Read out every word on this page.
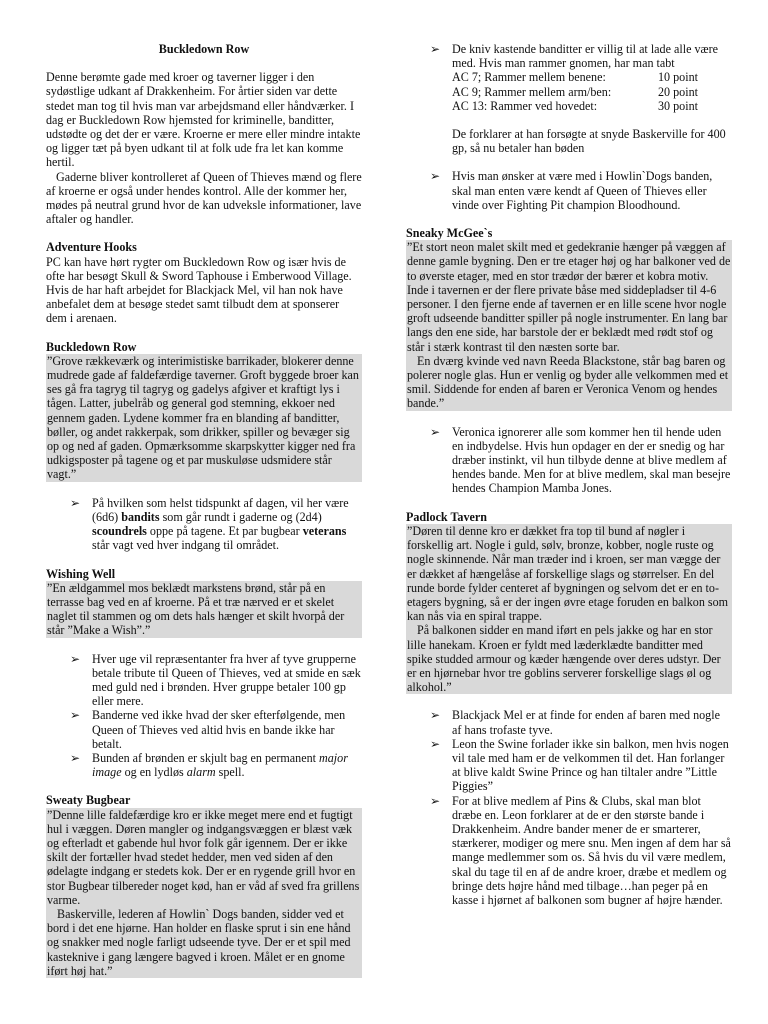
Buckledown Row

Denne berømte gade med kroer og taverner ligger i den sydøstlige udkant af Drakkenheim. For årtier siden var dette stedet man tog til hvis man var arbejdsmand eller håndværker. I dag er Buckledown Row hjemsted for kriminelle, banditter, udstødte og det der er være. Kroerne er mere eller mindre intakte og ligger tæt på byen udkant til at folk ude fra let kan komme hertil.

Gaderne bliver kontrolleret af Queen of Thieves mænd og flere af kroerne er også under hendes kontrol. Alle der kommer her, mødes på neutral grund hvor de kan udveksle informationer, lave aftaler og handler.

Adventure Hooks

PC kan have hørt rygter om Buckledown Row og især hvis de ofte har besøgt Skull & Sword Taphouse i Emberwood Village. Hvis de har haft arbejdet for Blackjack Mel, vil han nok have anbefalet dem at besøge stedet samt tilbudt dem at sponserer dem i arenaen.

Buckledown Row

”Grove rækkeværk og interimistiske barrikader, blokerer denne mudrede gade af faldefærdige taverner. Groft byggede broer kan ses gå fra tagryg til tagryg og gadelys afgiver et kraftigt lys i tågen. Latter, jubelråb og general god stemning, ekkoer ned gennem gaden. Lydene kommer fra en blanding af banditter, bøller, og andet rakkerpak, som drikker, spiller og bevæger sig op og ned af gaden. Opmærksomme skarpskytter kigger ned fra udkigsposter på tagene og et par muskuløse udsmidere står vagt.”

➢ På hvilken som helst tidspunkt af dagen, vil her være (6d6) bandits som går rundt i gaderne og (2d4) scoundrels oppe på tagene. Et par bugbear veterans står vagt ved hver indgang til området.

Wishing Well

”En ældgammel mos beklædt markstens brønd, står på en terrasse bag ved en af kroerne. På et træ nærved er et skelet naglet til stammen og om dets hals hænger et skilt hvorpå der står ”Make a Wish”.”

➢ Hver uge vil repræsentanter fra hver af tyve grupperne betale tribute til Queen of Thieves, ved at smide en sæk med guld ned i brønden. Hver gruppe betaler 100 gp eller mere.
➢ Banderne ved ikke hvad der sker efterfølgende, men Queen of Thieves ved altid hvis en bande ikke har betalt.
➢ Bunden af brønden er skjult bag en permanent major image og en lydløs alarm spell.

Sweaty Bugbear

”Denne lille faldefærdige kro er ikke meget mere end et fugtigt hul i væggen. Døren mangler og indgangsvæggen er blæst væk og efterladt et gabende hul hvor folk går igennem. Der er ikke skilt der fortæller hvad stedet hedder, men ved siden af den ødelagte indgang er stedets kok. Der er en rygende grill hvor en stor Bugbear tilbereder noget kød, han er våd af sved fra grillens varme.

Baskerville, lederen af Howlin` Dogs banden, sidder ved et bord i det ene hjørne. Han holder en flaske sprut i sin ene hånd og snakker med nogle farligt udseende tyve. Der er et spil med kasteknive i gang længere bagved i kroen. Målet er en gnome iført høj hat.”

➢ De kniv kastende banditter er villig til at lade alle være med. Hvis man rammer gnomen, har man tabt
AC 7; Rammer mellem benene:	10 point
AC 9; Rammer mellem arm/ben:	20 point
AC 13: Rammer ved hovedet:	30 point
De forklarer at han forsøgte at snyde Baskerville for 400 gp, så nu betaler han bøden
➢ Hvis man ønsker at være med i Howlin`Dogs banden, skal man enten være kendt af Queen of Thieves eller vinde over Fighting Pit champion Bloodhound.

Sneaky McGee`s

”Et stort neon malet skilt med et gedekranie hænger på væggen af denne gamle bygning. Den er tre etager høj og har balkoner ved de to øverste etager, med en stor trædør der bærer et kobra motiv. Inde i tavernen er der flere private båse med siddepladser til 4-6 personer. I den fjerne ende af tavernen er en lille scene hvor nogle groft udseende banditter spiller på nogle instrumenter. En lang bar langs den ene side, har barstole der er beklædt med rødt stof og står i stærk kontrast til den næsten sorte bar.

En dværg kvinde ved navn Reeda Blackstone, står bag baren og polerer nogle glas. Hun er venlig og byder alle velkommen med et smil. Siddende for enden af baren er Veronica Venom og hendes bande.”

➢ Veronica ignorerer alle som kommer hen til hende uden en indbydelse. Hvis hun opdager en der er snedig og har dræber instinkt, vil hun tilbyde denne at blive medlem af hendes bande. Men for at blive medlem, skal man besejre hendes Champion Mamba Jones.

Padlock Tavern

”Døren til denne kro er dækket fra top til bund af nøgler i forskellig art. Nogle i guld, sølv, bronze, kobber, nogle ruste og nogle skinnende. Når man træder ind i kroen, ser man vægge der er dækket af hængelåse af forskellige slags og størrelser. En del runde borde fylder centeret af bygningen og selvom det er en to-etagers bygning, så er der ingen øvre etage foruden en balkon som kan nås via en spiral trappe.

På balkonen sidder en mand iført en pels jakke og har en stor lille hanekam. Kroen er fyldt med læderklædte banditter med spike studded armour og kæder hængende over deres udstyr. Der er en hjørnebar hvor tre goblins serverer forskellige slags øl og alkohol.”

➢ Blackjack Mel er at finde for enden af baren med nogle af hans trofaste tyve.
➢ Leon the Swine forlader ikke sin balkon, men hvis nogen vil tale med ham er de velkommen til det. Han forlanger at blive kaldt Swine Prince og han tiltaler andre ”Little Piggies”
➢ For at blive medlem af Pins & Clubs, skal man blot dræbe en. Leon forklarer at de er den største bande i Drakkenheim. Andre bander mener de er smarterer, stærkerer, modiger og mere snu. Men ingen af dem har så mange medlemmer som os. Så hvis du vil være medlem, skal du tage til en af de andre kroer, dræbe et medlem og bringe dets højre hånd med tilbage…han peger på en kasse i hjørnet af balkonen som bugner af højre hænder.
